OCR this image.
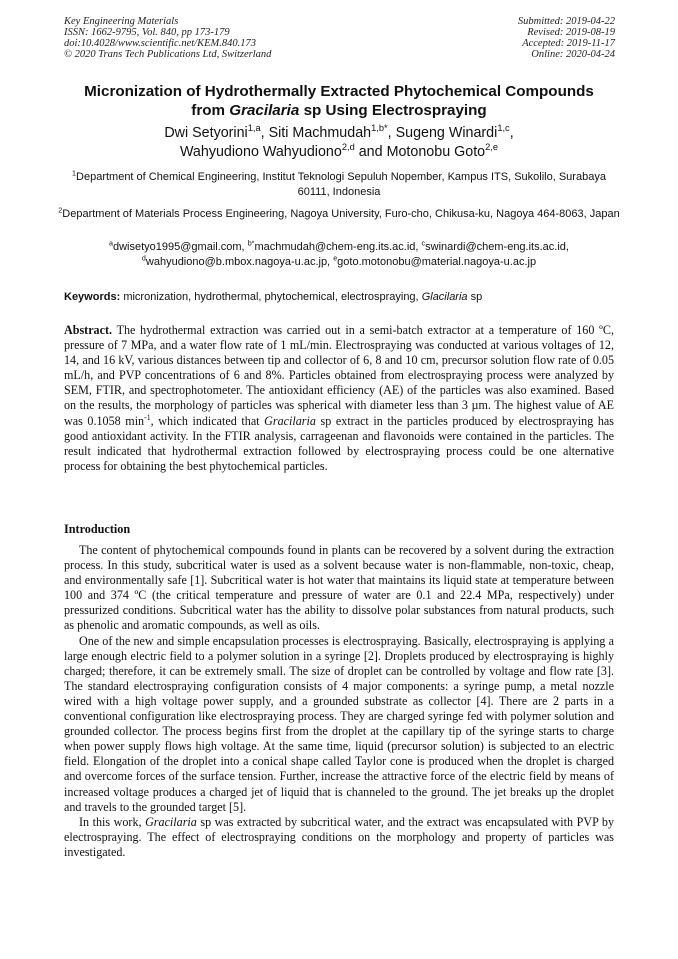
Key Engineering Materials
ISSN: 1662-9795, Vol. 840, pp 173-179
doi:10.4028/www.scientific.net/KEM.840.173
© 2020 Trans Tech Publications Ltd, Switzerland
Submitted: 2019-04-22
Revised: 2019-08-19
Accepted: 2019-11-17
Online: 2020-04-24
Micronization of Hydrothermally Extracted Phytochemical Compounds
from Gracilaria sp Using Electrospraying
Dwi Setyorini$^{1,a}$, Siti Machmudah$^{1,b*}$, Sugeng Winardi$^{1,c}$,
Wahyudiono Wahyudiono$^{2,d}$ and Motonobu Goto$^{2,e}$
$^1$Department of Chemical Engineering, Institut Teknologi Sepuluh Nopember, Kampus ITS, Sukolilo, Surabaya 60111, Indonesia
$^2$Department of Materials Process Engineering, Nagoya University, Furo-cho, Chikusa-ku, Nagoya 464-8063, Japan
$^a$dwisetyo1995@gmail.com, $^{b*}$machmudah@chem-eng.its.ac.id, $^c$swinardi@chem-eng.its.ac.id,
$^d$wahyudiono@b.mbox.nagoya-u.ac.jp, $^e$goto.motonobu@material.nagoya-u.ac.jp
Keywords: micronization, hydrothermal, phytochemical, electrospraying, Glacilaria sp
Abstract. The hydrothermal extraction was carried out in a semi-batch extractor at a temperature of 160 ºC, pressure of 7 MPa, and a water flow rate of 1 mL/min. Electrospraying was conducted at various voltages of 12, 14, and 16 kV, various distances between tip and collector of 6, 8 and 10 cm, precursor solution flow rate of 0.05 mL/h, and PVP concentrations of 6 and 8%. Particles obtained from electrospraying process were analyzed by SEM, FTIR, and spectrophotometer. The antioxidant efficiency (AE) of the particles was also examined. Based on the results, the morphology of particles was spherical with diameter less than 3 µm. The highest value of AE was 0.1058 $\min^{-1}$, which indicated that Gracilaria sp extract in the particles produced by electrospraying has good antioxidant activity. In the FTIR analysis, carrageenan and flavonoids were contained in the particles. The result indicated that hydrothermal extraction followed by electrospraying process could be one alternative process for obtaining the best phytochemical particles.
Introduction

The content of phytochemical compounds found in plants can be recovered by a solvent during the extraction process. In this study, subcritical water is used as a solvent because water is non-flammable, non-toxic, cheap, and environmentally safe [1]. Subcritical water is hot water that maintains its liquid state at temperature between 100 and 374 ºC (the critical temperature and pressure of water are 0.1 and 22.4 MPa, respectively) under pressurized conditions. Subcritical water has the ability to dissolve polar substances from natural products, such as phenolic and aromatic compounds, as well as oils.

One of the new and simple encapsulation processes is electrospraying. Basically, electrospraying is applying a large enough electric field to a polymer solution in a syringe [2]. Droplets produced by electrospraying is highly charged; therefore, it can be extremely small. The size of droplet can be controlled by voltage and flow rate [3]. The standard electrospraying configuration consists of 4 major components: a syringe pump, a metal nozzle wired with a high voltage power supply, and a grounded substrate as collector [4]. There are 2 parts in a conventional configuration like electrospraying process. They are charged syringe fed with polymer solution and grounded collector. The process begins first from the droplet at the capillary tip of the syringe starts to charge when power supply flows high voltage. At the same time, liquid (precursor solution) is subjected to an electric field. Elongation of the droplet into a conical shape called Taylor cone is produced when the droplet is charged and overcome forces of the surface tension. Further, increase the attractive force of the electric field by means of increased voltage produces a charged jet of liquid that is channeled to the ground. The jet breaks up the droplet and travels to the grounded target [5].

In this work, Gracilaria sp was extracted by subcritical water, and the extract was encapsulated with PVP by electrospraying. The effect of electrospraying conditions on the morphology and property of particles was investigated.
